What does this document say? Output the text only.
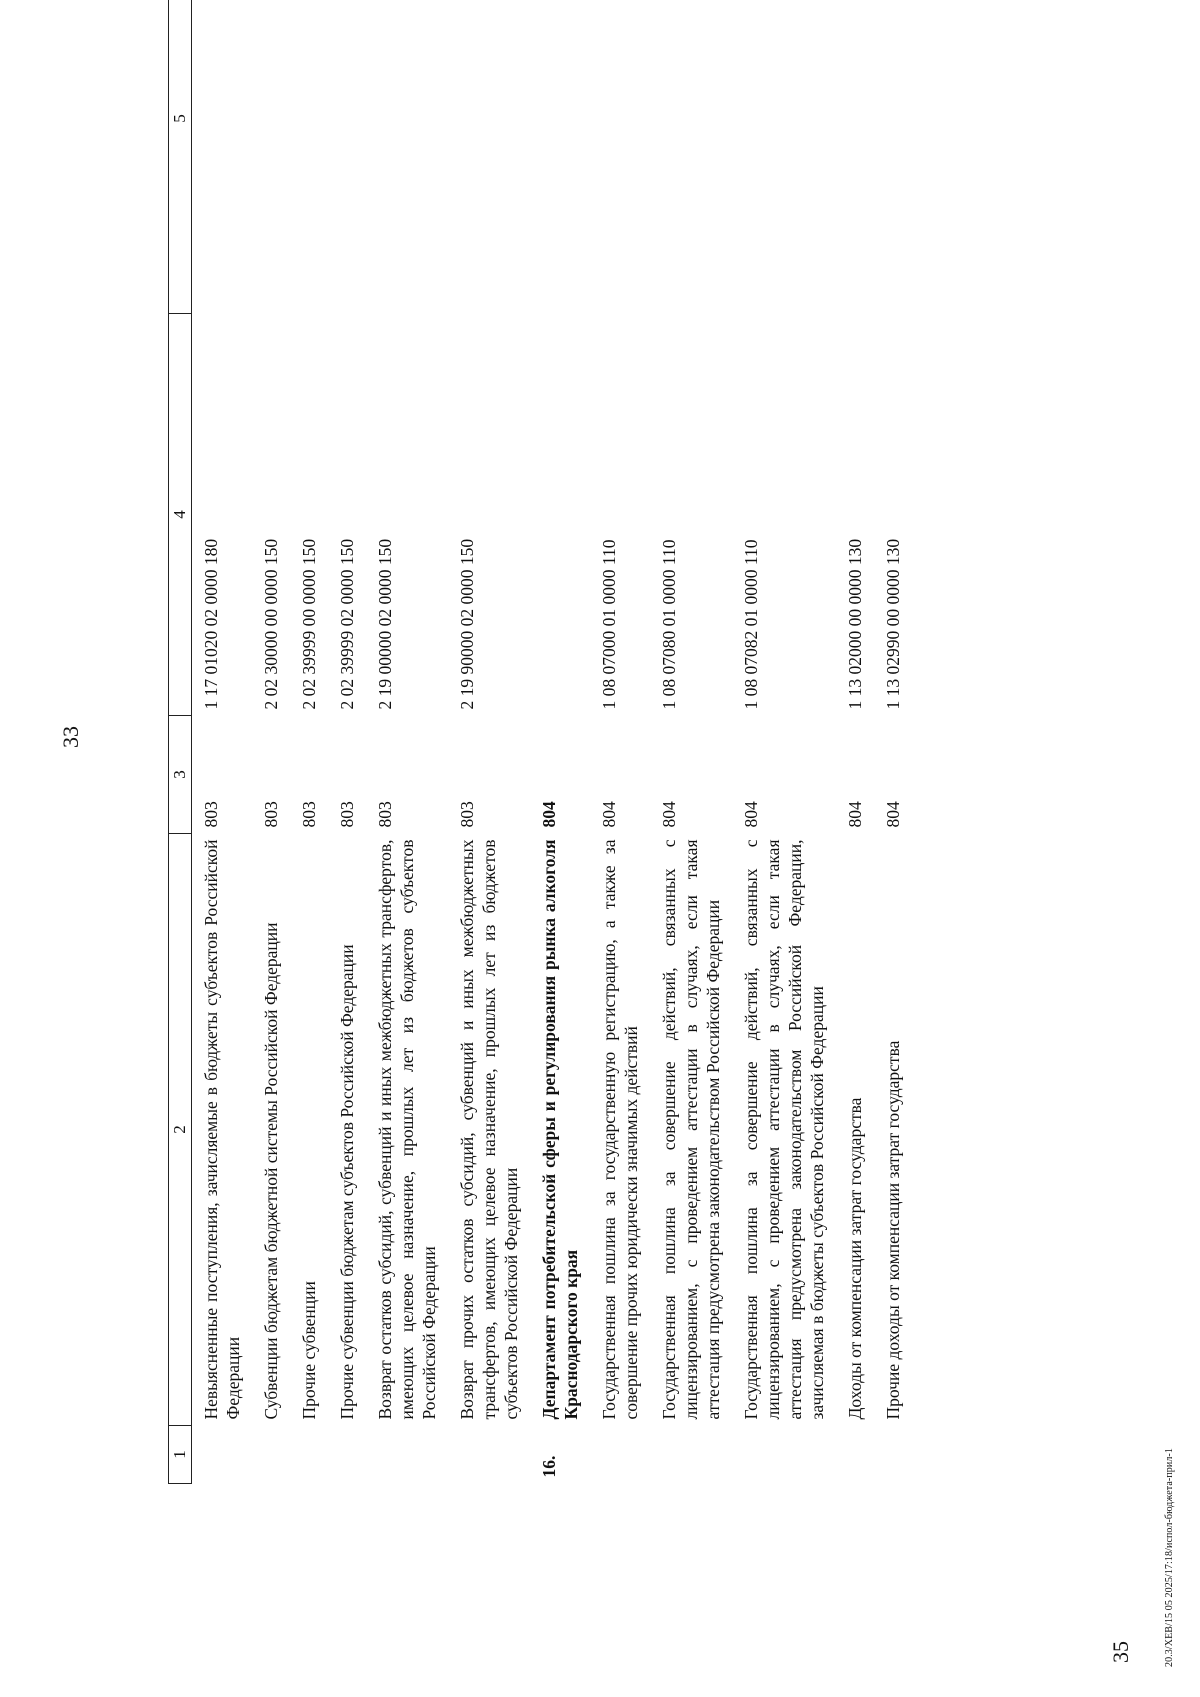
33
1	2	3	4	5
	Невыясненные поступления, зачисляемые в бюджеты субъектов Российской Федерации	803	1 17 01020 02 0000 180	
	Субвенции бюджетам бюджетной системы Российской Федерации	803	2 02 30000 00 0000 150	
	Прочие субвенции	803	2 02 39999 00 0000 150	
	Прочие субвенции бюджетам субъектов Российской Федерации	803	2 02 39999 02 0000 150	
	Возврат остатков субсидий, субвенций и иных межбюджетных трансфертов, имеющих целевое назначение, прошлых лет из бюджетов субъектов Российской Федерации	803	2 19 00000 02 0000 150	
	Возврат прочих остатков субсидий, субвенций и иных межбюджетных трансфертов, имеющих целевое назначение, прошлых лет из бюджетов субъектов Российской Федерации	803	2 19 90000 02 0000 150	
16.	Департамент потребительской сферы и регулирования рынка алкоголя Краснодарского края	804		
	Государственная пошлина за государственную регистрацию, а также за совершение прочих юридически значимых действий	804	1 08 07000 01 0000 110	
	Государственная пошлина за совершение действий, связанных с лицензированием, с проведением аттестации в случаях, если такая аттестация предусмотрена законодательством Российской Федерации	804	1 08 07080 01 0000 110	
	Государственная пошлина за совершение действий, связанных с лицензированием, с проведением аттестации в случаях, если такая аттестация предусмотрена законодательством Российской Федерации, зачисляемая в бюджеты субъектов Российской Федерации	804	1 08 07082 01 0000 110	
	Доходы от компенсации затрат государства	804	1 13 02000 00 0000 130	
	Прочие доходы от компенсации затрат государства	804	1 13 02990 00 0000 130	
35	20.3/XEB/15 05 2025/17:18/испол-бюджета-прил-1
